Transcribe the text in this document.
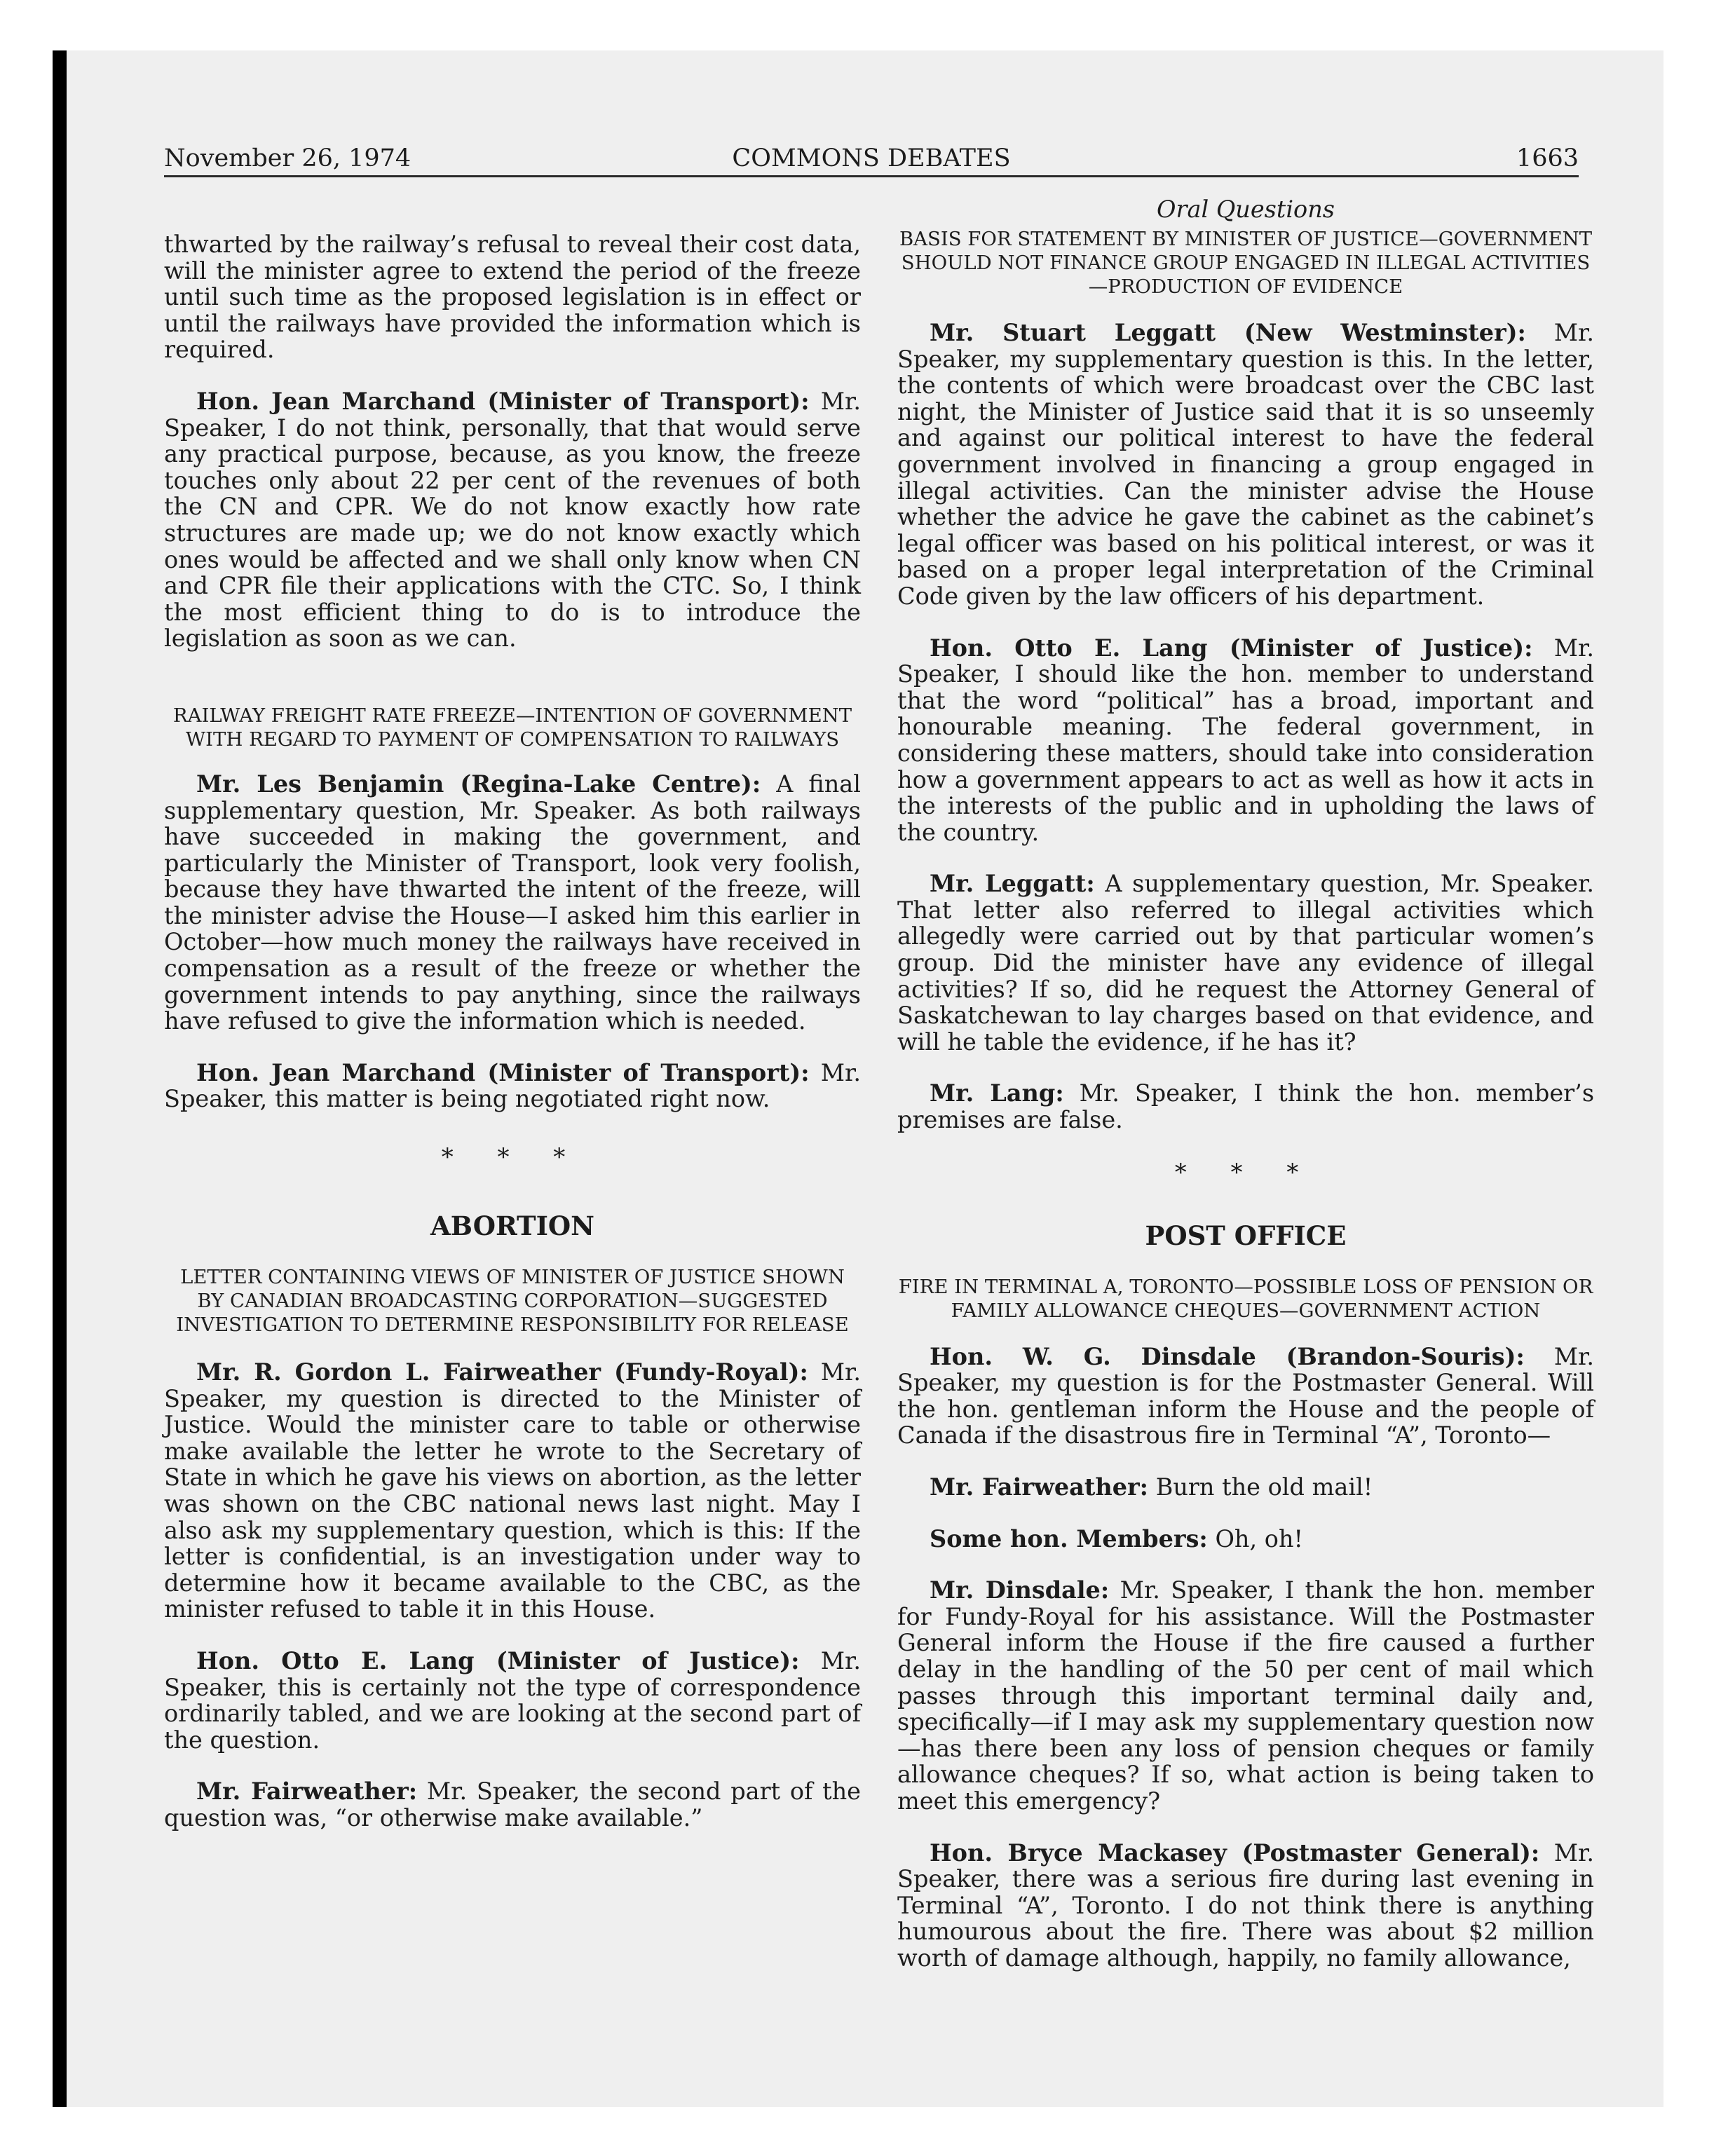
November 26, 1974	COMMONS DEBATES	1663

thwarted by the railway’s refusal to reveal their cost data, will the minister agree to extend the period of the freeze until such time as the proposed legislation is in effect or until the railways have provided the information which is required.

Hon. Jean Marchand (Minister of Transport): Mr. Speaker, I do not think, personally, that that would serve any practical purpose, because, as you know, the freeze touches only about 22 per cent of the revenues of both the CN and CPR. We do not know exactly how rate structures are made up; we do not know exactly which ones would be affected and we shall only know when CN and CPR file their applications with the CTC. So, I think the most efficient thing to do is to introduce the legislation as soon as we can.

RAILWAY FREIGHT RATE FREEZE—INTENTION OF GOVERNMENT WITH REGARD TO PAYMENT OF COMPENSATION TO RAILWAYS

Mr. Les Benjamin (Regina-Lake Centre): A final supplementary question, Mr. Speaker. As both railways have succeeded in making the government, and particularly the Minister of Transport, look very foolish, because they have thwarted the intent of the freeze, will the minister advise the House—I asked him this earlier in October—how much money the railways have received in compensation as a result of the freeze or whether the government intends to pay anything, since the railways have refused to give the information which is needed.

Hon. Jean Marchand (Minister of Transport): Mr. Speaker, this matter is being negotiated right now.

* * *
ABORTION
LETTER CONTAINING VIEWS OF MINISTER OF JUSTICE SHOWN BY CANADIAN BROADCASTING CORPORATION—SUGGESTED INVESTIGATION TO DETERMINE RESPONSIBILITY FOR RELEASE

Mr. R. Gordon L. Fairweather (Fundy-Royal): Mr. Speaker, my question is directed to the Minister of Justice. Would the minister care to table or otherwise make available the letter he wrote to the Secretary of State in which he gave his views on abortion, as the letter was shown on the CBC national news last night. May I also ask my supplementary question, which is this: If the letter is confidential, is an investigation under way to determine how it became available to the CBC, as the minister refused to table it in this House.

Hon. Otto E. Lang (Minister of Justice): Mr. Speaker, this is certainly not the type of correspondence ordinarily tabled, and we are looking at the second part of the question.

Mr. Fairweather: Mr. Speaker, the second part of the question was, “or otherwise make available.”

Oral Questions
BASIS FOR STATEMENT BY MINISTER OF JUSTICE—GOVERNMENT SHOULD NOT FINANCE GROUP ENGAGED IN ILLEGAL ACTIVITIES—PRODUCTION OF EVIDENCE

Mr. Stuart Leggatt (New Westminster): Mr. Speaker, my supplementary question is this. In the letter, the contents of which were broadcast over the CBC last night, the Minister of Justice said that it is so unseemly and against our political interest to have the federal government involved in financing a group engaged in illegal activities. Can the minister advise the House whether the advice he gave the cabinet as the cabinet’s legal officer was based on his political interest, or was it based on a proper legal interpretation of the Criminal Code given by the law officers of his department.

Hon. Otto E. Lang (Minister of Justice): Mr. Speaker, I should like the hon. member to understand that the word “political” has a broad, important and honourable meaning. The federal government, in considering these matters, should take into consideration how a government appears to act as well as how it acts in the interests of the public and in upholding the laws of the country.

Mr. Leggatt: A supplementary question, Mr. Speaker. That letter also referred to illegal activities which allegedly were carried out by that particular women’s group. Did the minister have any evidence of illegal activities? If so, did he request the Attorney General of Saskatchewan to lay charges based on that evidence, and will he table the evidence, if he has it?

Mr. Lang: Mr. Speaker, I think the hon. member’s premises are false.

* * *
POST OFFICE
FIRE IN TERMINAL A, TORONTO—POSSIBLE LOSS OF PENSION OR FAMILY ALLOWANCE CHEQUES—GOVERNMENT ACTION

Hon. W. G. Dinsdale (Brandon-Souris): Mr. Speaker, my question is for the Postmaster General. Will the hon. gentleman inform the House and the people of Canada if the disastrous fire in Terminal “A”, Toronto—

Mr. Fairweather: Burn the old mail!

Some hon. Members: Oh, oh!

Mr. Dinsdale: Mr. Speaker, I thank the hon. member for Fundy-Royal for his assistance. Will the Postmaster General inform the House if the fire caused a further delay in the handling of the 50 per cent of mail which passes through this important terminal daily and, specifically—if I may ask my supplementary question now—has there been any loss of pension cheques or family allowance cheques? If so, what action is being taken to meet this emergency?

Hon. Bryce Mackasey (Postmaster General): Mr. Speaker, there was a serious fire during last evening in Terminal “A”, Toronto. I do not think there is anything humourous about the fire. There was about $2 million worth of damage although, happily, no family allowance,
